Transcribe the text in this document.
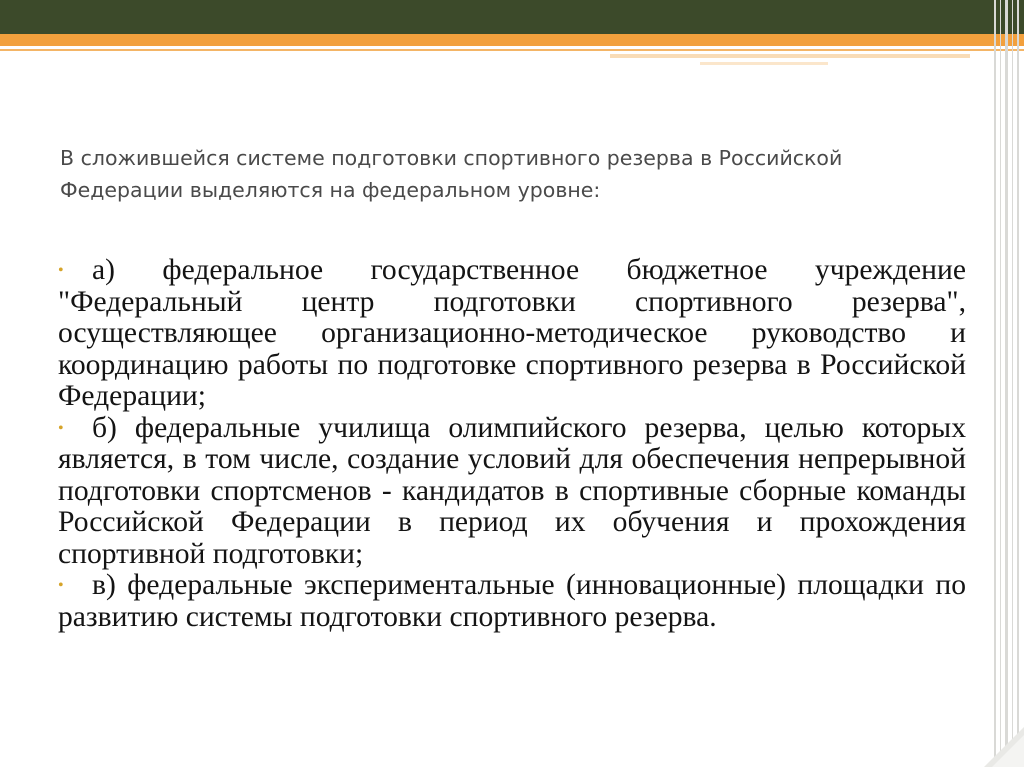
В сложившейся системе подготовки спортивного резерва в Российской Федерации выделяются на федеральном уровне:
• а) федеральное государственное бюджетное учреждение "Федеральный центр подготовки спортивного резерва", осуществляющее организационно-методическое руководство и координацию работы по подготовке спортивного резерва в Российской Федерации;
• б) федеральные училища олимпийского резерва, целью которых является, в том числе, создание условий для обеспечения непрерывной подготовки спортсменов - кандидатов в спортивные сборные команды Российской Федерации в период их обучения и прохождения спортивной подготовки;
• в) федеральные экспериментальные (инновационные) площадки по развитию системы подготовки спортивного резерва.
